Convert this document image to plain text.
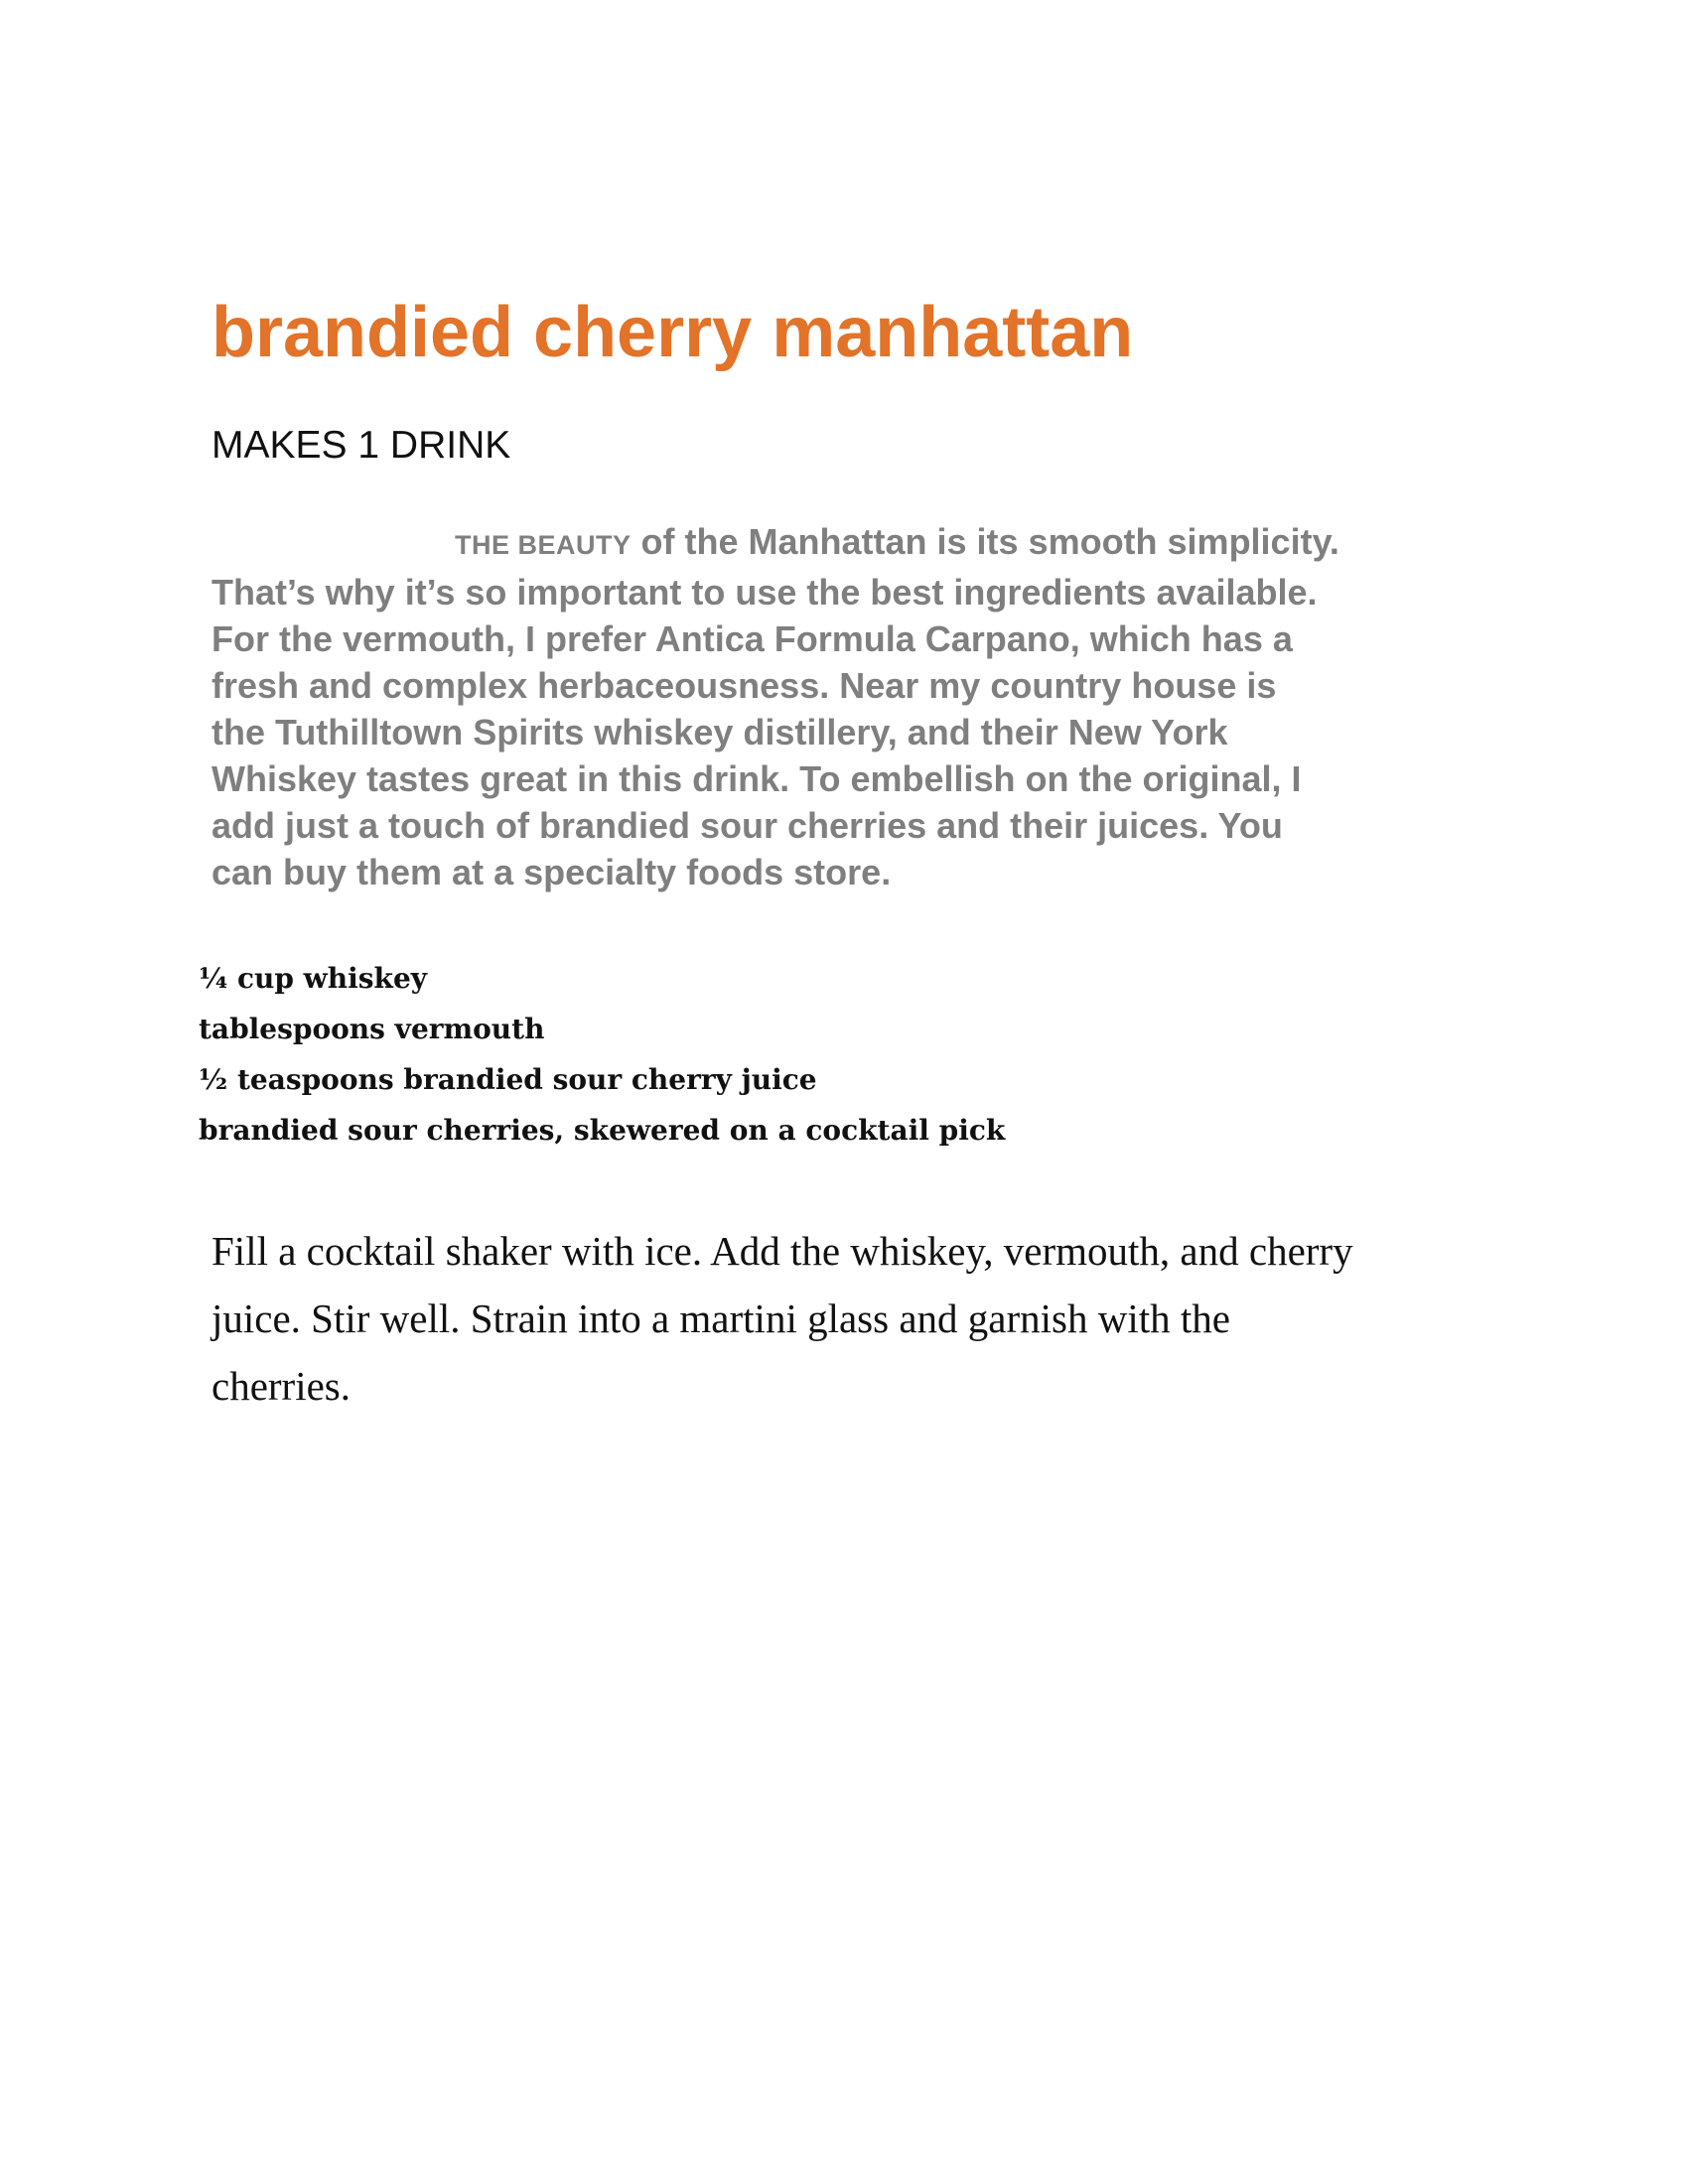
brandied cherry manhattan

MAKES 1 DRINK

THE BEAUTY of the Manhattan is its smooth simplicity.
That’s why it’s so important to use the best ingredients available.
For the vermouth, I prefer Antica Formula Carpano, which has a
fresh and complex herbaceousness. Near my country house is
the Tuthilltown Spirits whiskey distillery, and their New York
Whiskey tastes great in this drink. To embellish on the original, I
add just a touch of brandied sour cherries and their juices. You
can buy them at a specialty foods store.

¼ cup whiskey
tablespoons vermouth
½ teaspoons brandied sour cherry juice
brandied sour cherries, skewered on a cocktail pick

Fill a cocktail shaker with ice. Add the whiskey, vermouth, and cherry
juice. Stir well. Strain into a martini glass and garnish with the
cherries.
